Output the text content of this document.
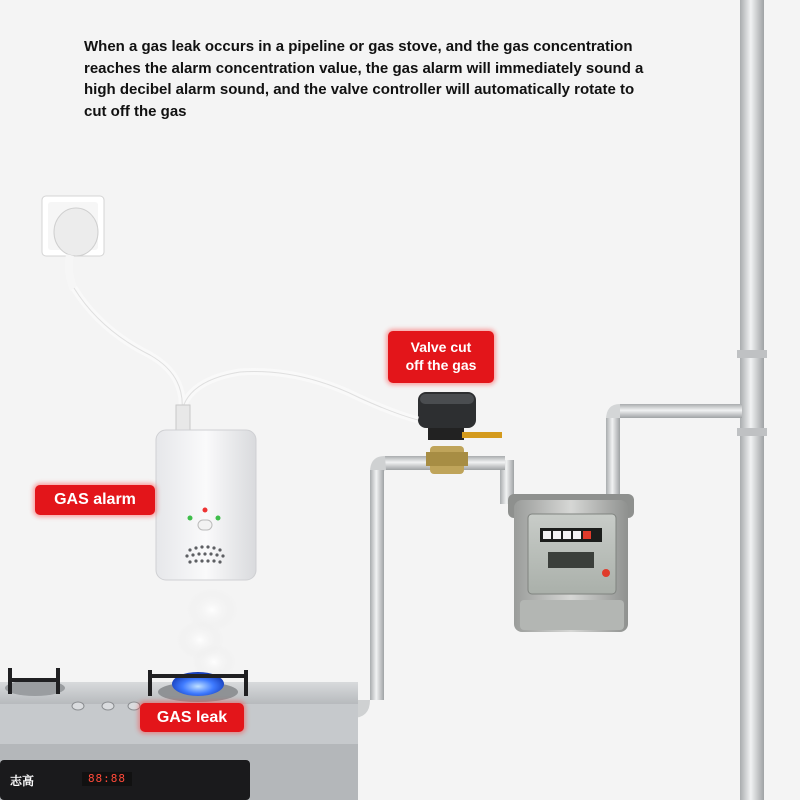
When a gas leak occurs in a pipeline or gas stove, and the gas concentration
reaches the alarm concentration value, the gas alarm will immediately sound a
high decibel alarm sound, and the valve controller will automatically rotate to
cut off the gas
GAS alarm
Valve cut
off the gas
GAS leak
志高	88:88
